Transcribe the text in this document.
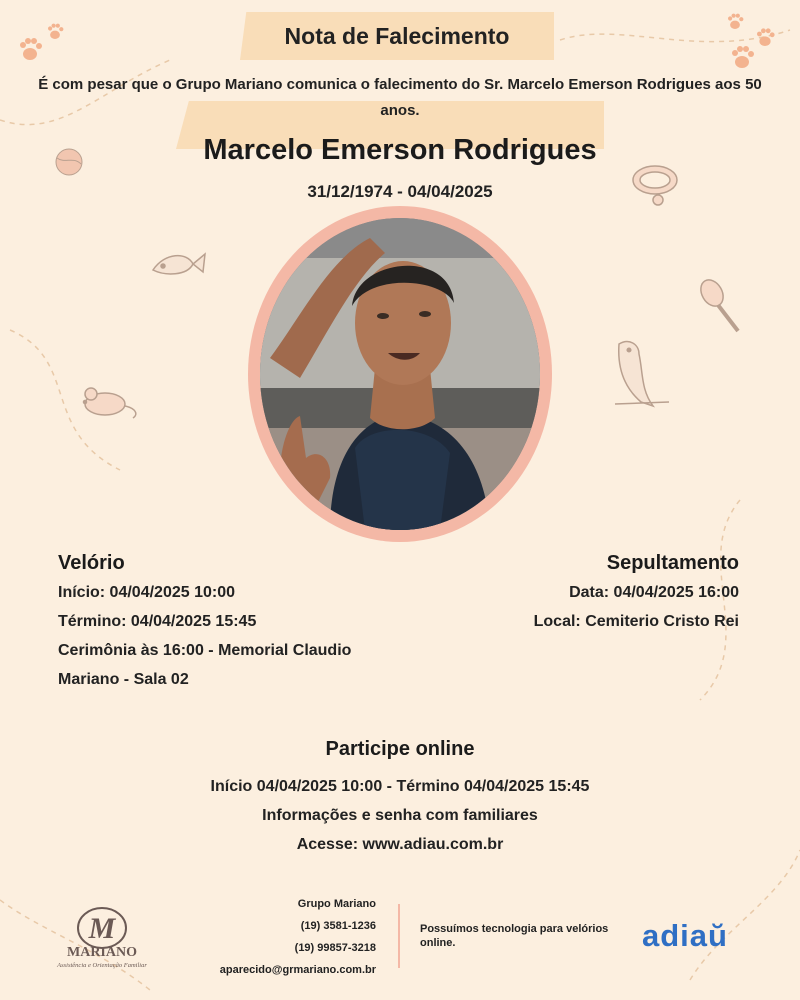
Nota de Falecimento
É com pesar que o Grupo Mariano comunica o falecimento do Sr. Marcelo Emerson Rodrigues aos 50 anos.
Marcelo Emerson Rodrigues
31/12/1974 - 04/04/2025
Velório
Início: 04/04/2025 10:00
Término: 04/04/2025 15:45
Cerimônia às 16:00 - Memorial Claudio
Mariano - Sala 02
Sepultamento
Data: 04/04/2025 16:00
Local: Cemiterio Cristo Rei
Participe online
Início 04/04/2025 10:00 - Término 04/04/2025 15:45
Informações e senha com familiares
Acesse: www.adiau.com.br
M
MARIANO
Assistência e Orientação Familiar
Grupo Mariano
(19) 3581-1236
(19) 99857-3218
aparecido@grmariano.com.br
Possuímos tecnologia para velórios online.	adiaŭ
